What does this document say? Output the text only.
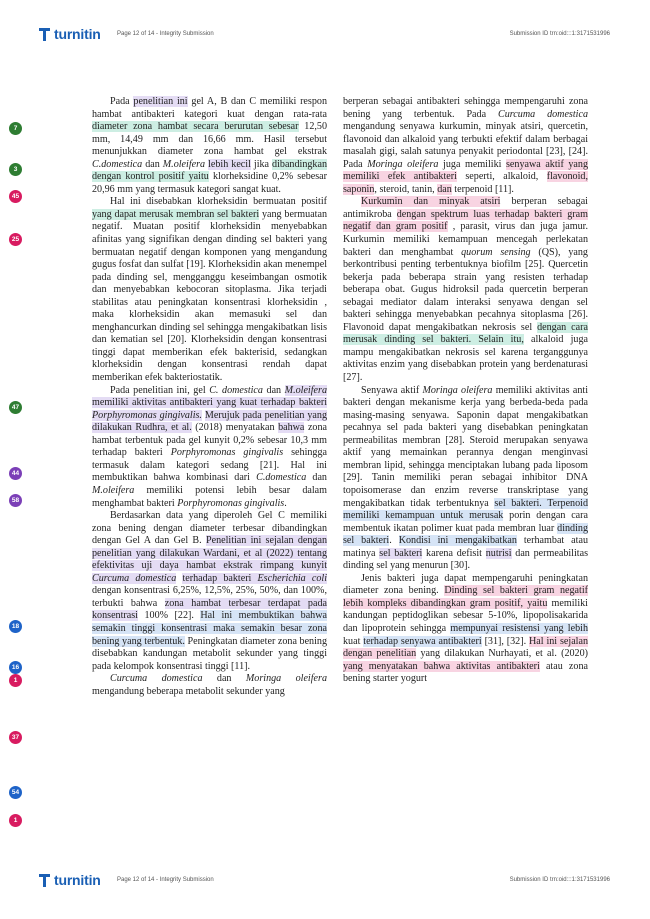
turnitin	Page 12 of 14 - Integrity Submission	Submission ID trn:oid:::1:3171531996
7
3
45
25
47
44
58
18
16
1
37
54
1

Pada penelitian ini gel A, B dan C memiliki respon hambat antibakteri kategori kuat dengan rata-rata diameter zona hambat secara berurutan sebesar 12,50 mm, 14,49 mm dan 16,66 mm. Hasil tersebut menunjukkan diameter zona hambat gel ekstrak C.domestica dan M.oleifera lebih kecil jika dibandingkan dengan kontrol positif yaitu klorheksidine 0,2% sebesar 20,96 mm yang termasuk kategori sangat kuat.

Hal ini disebabkan klorheksidin bermuatan positif yang dapat merusak membran sel bakteri yang bermuatan negatif. Muatan positif klorheksidin menyebabkan afinitas yang signifikan dengan dinding sel bakteri yang bermuatan negatif dengan komponen yang mengandung gugus fosfat dan sulfat [19]. Klorheksidin akan menempel pada dinding sel, mengganggu keseimbangan osmotik dan menyebabkan kebocoran sitoplasma. Jika terjadi stabilitas atau peningkatan konsentrasi klorheksidin , maka klorheksidin akan memasuki sel dan menghancurkan dinding sel sehingga mengakibatkan lisis dan kematian sel [20]. Klorheksidin dengan konsentrasi tinggi dapat memberikan efek bakterisid, sedangkan klorheksidin dengan konsentrasi rendah dapat memberikan efek bakteriostatik.

Pada penelitian ini, gel C. domestica dan M.oleifera memiliki aktivitas antibakteri yang kuat terhadap bakteri Porphyromonas gingivalis. Merujuk pada penelitian yang dilakukan Rudhra, et al. (2018) menyatakan bahwa zona hambat terbentuk pada gel kunyit 0,2% sebesar 10,3 mm terhadap bakteri Porphyromonas gingivalis sehingga termasuk dalam kategori sedang [21]. Hal ini membuktikan bahwa kombinasi dari C.domestica dan M.oleifera memiliki potensi lebih besar dalam menghambat bakteri Porphyromonas gingivalis.

Berdasarkan data yang diperoleh Gel C memiliki zona bening dengan diameter terbesar dibandingkan dengan Gel A dan Gel B. Penelitian ini sejalan dengan penelitian yang dilakukan Wardani, et al (2022) tentang efektivitas uji daya hambat ekstrak rimpang kunyit Curcuma domestica terhadap bakteri Escherichia coli dengan konsentrasi 6,25%, 12,5%, 25%, 50%, dan 100%, terbukti bahwa zona hambat terbesar terdapat pada konsentrasi 100% [22]. Hal ini membuktikan bahwa semakin tinggi konsentrasi maka semakin besar zona bening yang terbentuk. Peningkatan diameter zona bening disebabkan kandungan metabolit sekunder yang tinggi pada kelompok konsentrasi tinggi [11].

Curcuma domestica dan Moringa oleifera mengandung beberapa metabolit sekunder yang

berperan sebagai antibakteri sehingga mempengaruhi zona bening yang terbentuk. Pada Curcuma domestica mengandung senyawa kurkumin, minyak atsiri, quercetin, flavonoid dan alkaloid yang terbukti efektif dalam berbagai masalah gigi, salah satunya penyakit periodontal [23], [24]. Pada Moringa oleifera juga memiliki senyawa aktif yang memiliki efek antibakteri seperti, alkaloid, flavonoid, saponin, steroid, tanin, dan terpenoid [11].

Kurkumin dan minyak atsiri berperan sebagai antimikroba dengan spektrum luas terhadap bakteri gram negatif dan gram positif , parasit, virus dan juga jamur. Kurkumin memiliki kemampuan mencegah perlekatan bakteri dan menghambat quorum sensing (QS), yang berkontribusi penting terbentuknya biofilm [25]. Quercetin bekerja pada beberapa strain yang resisten terhadap beberapa obat. Gugus hidroksil pada quercetin berperan sebagai mediator dalam interaksi senyawa dengan sel bakteri sehingga menyebabkan pecahnya sitoplasma [26]. Flavonoid dapat mengakibatkan nekrosis sel dengan cara merusak dinding sel bakteri. Selain itu, alkaloid juga mampu mengakibatkan nekrosis sel karena terganggunya aktivitas enzim yang disebabkan protein yang berdenaturasi [27].

Senyawa aktif Moringa oleifera memiliki aktivitas anti bakteri dengan mekanisme kerja yang berbeda-beda pada masing-masing senyawa. Saponin dapat mengakibatkan pecahnya sel pada bakteri yang disebabkan peningkatan permeabilitas membran [28]. Steroid merupakan senyawa aktif yang memainkan perannya dengan menginvasi membran lipid, sehingga menciptakan lubang pada liposom [29]. Tanin memiliki peran sebagai inhibitor DNA topoisomerase dan enzim reverse transkriptase yang mengakibatkan tidak terbentuknya sel bakteri. Terpenoid memiliki kemampuan untuk merusak porin dengan cara membentuk ikatan polimer kuat pada membran luar dinding sel bakteri. Kondisi ini mengakibatkan terhambat atau matinya sel bakteri karena defisit nutrisi dan permeabilitas dinding sel yang menurun [30].

Jenis bakteri juga dapat mempengaruhi peningkatan diameter zona bening. Dinding sel bakteri gram negatif lebih kompleks dibandingkan gram positif, yaitu memiliki kandungan peptidoglikan sebesar 5-10%, lipopolisakarida dan lipoprotein sehingga mempunyai resistensi yang lebih kuat terhadap senyawa antibakteri [31], [32]. Hal ini sejalan dengan penelitian yang dilakukan Nurhayati, et al. (2020) yang menyatakan bahwa aktivitas antibakteri atau zona bening starter yogurt

turnitin	Page 12 of 14 - Integrity Submission	Submission ID trn:oid:::1:3171531996
